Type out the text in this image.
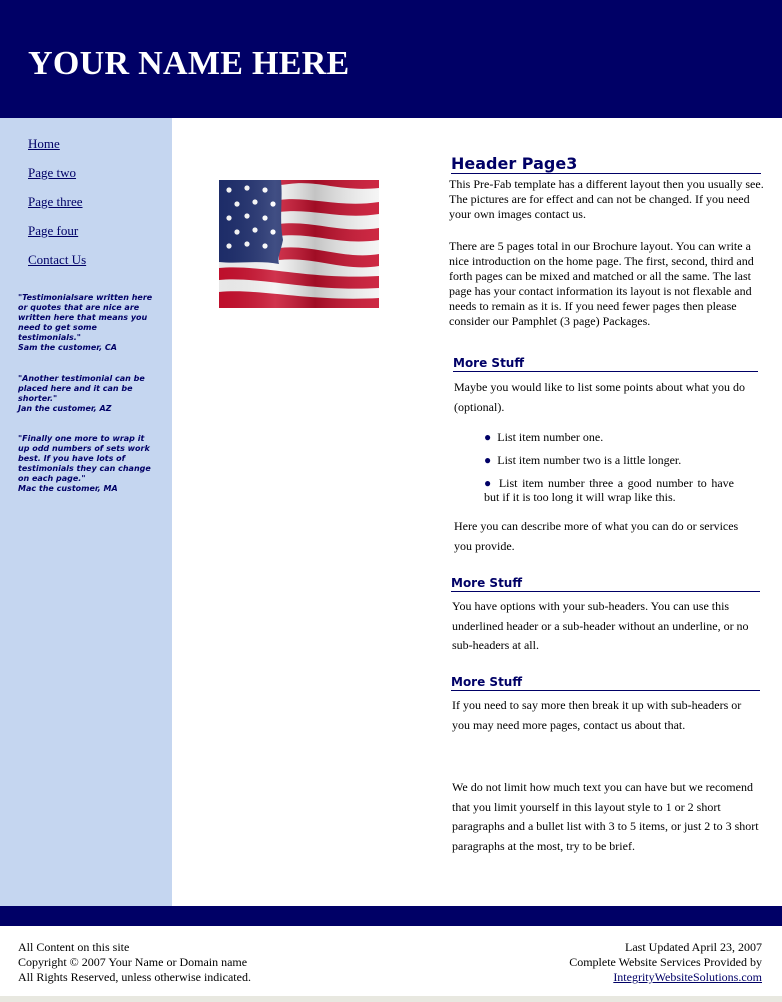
YOUR NAME HERE
Home
Page two
Page three
Page four
Contact Us

"Testimonialsare written here or quotes that are nice are written here that means you need to get some testimonials."
Sam the customer, CA

"Another testimonial can be placed here and it can be shorter."
Jan the customer, AZ

"Finally one more to wrap it up odd numbers of sets work best. If you have lots of testimonials they can change on each page."
Mac the customer, MA

Header Page3

This Pre-Fab template has a different layout then you usually see. The pictures are for effect and can not be changed. If you need your own images contact us.

There are 5 pages total in our Brochure layout. You can write a nice introduction on the home page. The first, second, third and forth pages can be mixed and matched or all the same. The last page has your contact information its layout is not flexable and needs to remain as it is. If you need fewer pages then please consider our Pamphlet (3 page) Packages.

More Stuff

Maybe you would like to list some points about what you do (optional).

● List item number one.

● List item number two is a little longer.

● List item number three a good number to have but if it is too long it will wrap like this.

Here you can describe more of what you can do or services you provide.

More Stuff

You have options with your sub-headers. You can use this underlined header or a sub-header without an underline, or no sub-headers at all.

More Stuff

If you need to say more then break it up with sub-headers or you may need more pages, contact us about that.

We do not limit how much text you can have but we recomend that you limit yourself in this layout style to 1 or 2 short paragraphs and a bullet list with 3 to 5 items, or just 2 to 3 short paragraphs at the most, try to be brief.

All Content on this site

Copyright © 2007 Your Name or Domain name

All Rights Reserved, unless otherwise indicated.

Last Updated April 23, 2007

Complete Website Services Provided by

IntegrityWebsiteSolutions.com
